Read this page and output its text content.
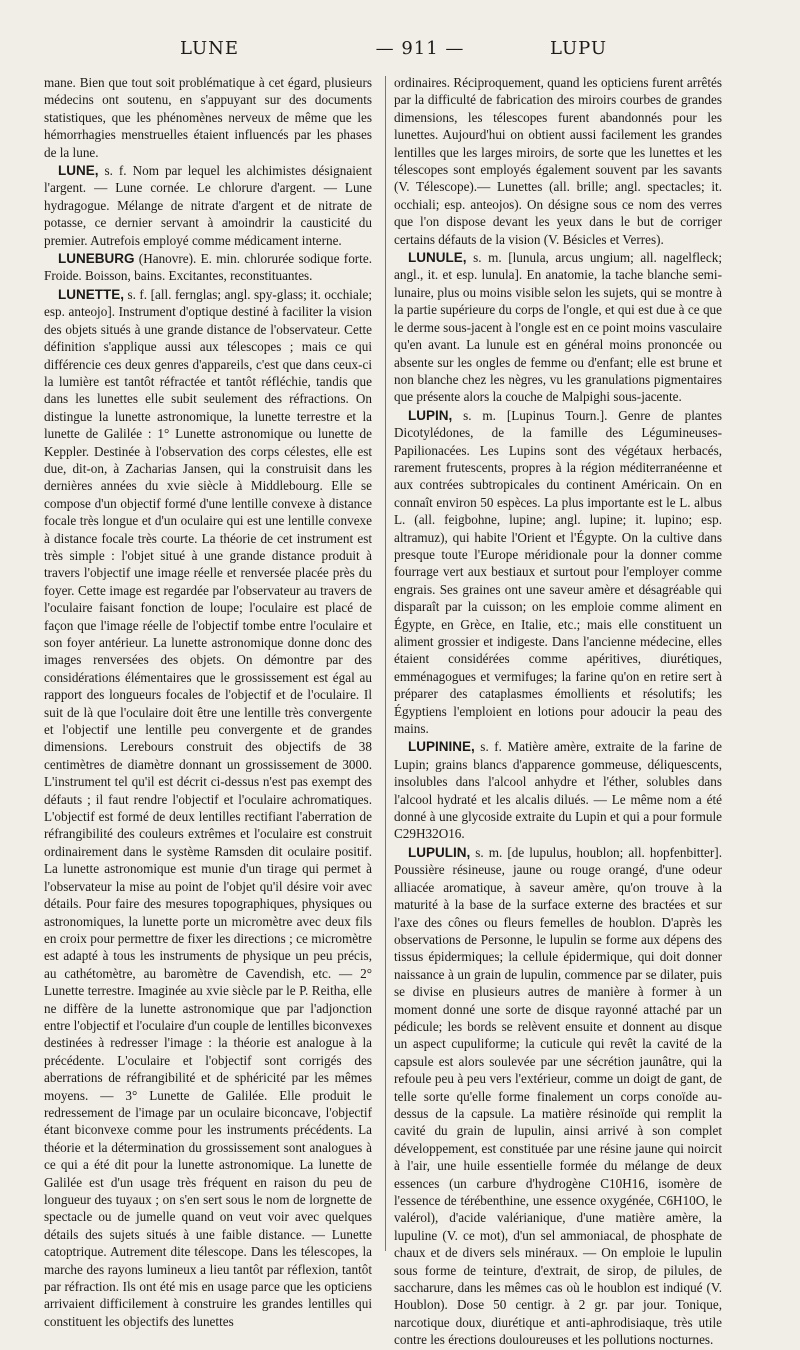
LUNE	— 911 —	LUPU

mane. Bien que tout soit problématique à cet égard, plusieurs médecins ont soutenu, en s'appuyant sur des documents statistiques, que les phénomènes nerveux de même que les hémorrhagies menstruelles étaient influencés par les phases de la lune.

LUNE, s. f. Nom par lequel les alchimistes désignaient l'argent. — Lune cornée. Le chlorure d'argent. — Lune hydragogue. Mélange de nitrate d'argent et de nitrate de potasse, ce dernier servant à amoindrir la causticité du premier. Autrefois employé comme médicament interne.

LUNEBURG (Hanovre). E. min. chlorurée sodique forte. Froide. Boisson, bains. Excitantes, reconstituantes.

LUNETTE, s. f. [all. fernglas; angl. spy-glass; it. occhiale; esp. anteojo]. Instrument d'optique destiné à faciliter la vision des objets situés à une grande distance de l'observateur. Cette définition s'applique aussi aux télescopes ; mais ce qui différencie ces deux genres d'appareils, c'est que dans ceux-ci la lumière est tantôt réfractée et tantôt réfléchie, tandis que dans les lunettes elle subit seulement des réfractions. On distingue la lunette astronomique, la lunette terrestre et la lunette de Galilée : 1° Lunette astronomique ou lunette de Keppler. Destinée à l'observation des corps célestes, elle est due, dit-on, à Zacharias Jansen, qui la construisit dans les dernières années du xvie siècle à Middlebourg. Elle se compose d'un objectif formé d'une lentille convexe à distance focale très longue et d'un oculaire qui est une lentille convexe à distance focale très courte. La théorie de cet instrument est très simple : l'objet situé à une grande distance produit à travers l'objectif une image réelle et renversée placée près du foyer. Cette image est regardée par l'observateur au travers de l'oculaire faisant fonction de loupe; l'oculaire est placé de façon que l'image réelle de l'objectif tombe entre l'oculaire et son foyer antérieur. La lunette astronomique donne donc des images renversées des objets. On démontre par des considérations élémentaires que le grossissement est égal au rapport des longueurs focales de l'objectif et de l'oculaire. Il suit de là que l'oculaire doit être une lentille très convergente et l'objectif une lentille peu convergente et de grandes dimensions. Lerebours construit des objectifs de 38 centimètres de diamètre donnant un grossissement de 3000. L'instrument tel qu'il est décrit ci-dessus n'est pas exempt des défauts ; il faut rendre l'objectif et l'oculaire achromatiques. L'objectif est formé de deux lentilles rectifiant l'aberration de réfrangibilité des couleurs extrêmes et l'oculaire est construit ordinairement dans le système Ramsden dit oculaire positif. La lunette astronomique est munie d'un tirage qui permet à l'observateur la mise au point de l'objet qu'il désire voir avec détails. Pour faire des mesures topographiques, physiques ou astronomiques, la lunette porte un micromètre avec deux fils en croix pour permettre de fixer les directions ; ce micromètre est adapté à tous les instruments de physique un peu précis, au cathétomètre, au baromètre de Cavendish, etc. — 2° Lunette terrestre. Imaginée au xvie siècle par le P. Reitha, elle ne diffère de la lunette astronomique que par l'adjonction entre l'objectif et l'oculaire d'un couple de lentilles biconvexes destinées à redresser l'image : la théorie est analogue à la précédente. L'oculaire et l'objectif sont corrigés des aberrations de réfrangibilité et de sphéricité par les mêmes moyens. — 3° Lunette de Galilée. Elle produit le redressement de l'image par un oculaire biconcave, l'objectif étant biconvexe comme pour les instruments précédents. La théorie et la détermination du grossissement sont analogues à ce qui a été dit pour la lunette astronomique. La lunette de Galilée est d'un usage très fréquent en raison du peu de longueur des tuyaux ; on s'en sert sous le nom de lorgnette de spectacle ou de jumelle quand on veut voir avec quelques détails des sujets situés à une faible distance. — Lunette catoptrique. Autrement dite télescope. Dans les télescopes, la marche des rayons lumineux a lieu tantôt par réflexion, tantôt par réfraction. Ils ont été mis en usage parce que les opticiens arrivaient difficilement à construire les grandes lentilles qui constituent les objectifs des lunettes

ordinaires. Réciproquement, quand les opticiens furent arrêtés par la difficulté de fabrication des miroirs courbes de grandes dimensions, les télescopes furent abandonnés pour les lunettes. Aujourd'hui on obtient aussi facilement les grandes lentilles que les larges miroirs, de sorte que les lunettes et les télescopes sont employés également souvent par les savants (V. Télescope).— Lunettes (all. brille; angl. spectacles; it. occhiali; esp. anteojos). On désigne sous ce nom des verres que l'on dispose devant les yeux dans le but de corriger certains défauts de la vision (V. Bésicles et Verres).

LUNULE, s. m. [lunula, arcus ungium; all. nagelfleck; angl., it. et esp. lunula]. En anatomie, la tache blanche semi-lunaire, plus ou moins visible selon les sujets, qui se montre à la partie supérieure du corps de l'ongle, et qui est due à ce que le derme sous-jacent à l'ongle est en ce point moins vasculaire qu'en avant. La lunule est en général moins prononcée ou absente sur les ongles de femme ou d'enfant; elle est brune et non blanche chez les nègres, vu les granulations pigmentaires que présente alors la couche de Malpighi sous-jacente.

LUPIN, s. m. [Lupinus Tourn.]. Genre de plantes Dicotylédones, de la famille des Légumineuses-Papilionacées. Les Lupins sont des végétaux herbacés, rarement frutescents, propres à la région méditerranéenne et aux contrées subtropicales du continent Américain. On en connaît environ 50 espèces. La plus importante est le L. albus L. (all. feigbohne, lupine; angl. lupine; it. lupino; esp. altramuz), qui habite l'Orient et l'Égypte. On la cultive dans presque toute l'Europe méridionale pour la donner comme fourrage vert aux bestiaux et surtout pour l'employer comme engrais. Ses graines ont une saveur amère et désagréable qui disparaît par la cuisson; on les emploie comme aliment en Égypte, en Grèce, en Italie, etc.; mais elle constituent un aliment grossier et indigeste. Dans l'ancienne médecine, elles étaient considérées comme apéritives, diurétiques, emménagogues et vermifuges; la farine qu'on en retire sert à préparer des cataplasmes émollients et résolutifs; les Égyptiens l'emploient en lotions pour adoucir la peau des mains.

LUPININE, s. f. Matière amère, extraite de la farine de Lupin; grains blancs d'apparence gommeuse, déliquescents, insolubles dans l'alcool anhydre et l'éther, solubles dans l'alcool hydraté et les alcalis dilués. — Le même nom a été donné à une glycoside extraite du Lupin et qui a pour formule C29H32O16.

LUPULIN, s. m. [de lupulus, houblon; all. hopfenbitter]. Poussière résineuse, jaune ou rouge orangé, d'une odeur alliacée aromatique, à saveur amère, qu'on trouve à la maturité à la base de la surface externe des bractées et sur l'axe des cônes ou fleurs femelles de houblon. D'après les observations de Personne, le lupulin se forme aux dépens des tissus épidermiques; la cellule épidermique, qui doit donner naissance à un grain de lupulin, commence par se dilater, puis se divise en plusieurs autres de manière à former à un moment donné une sorte de disque rayonné attaché par un pédicule; les bords se relèvent ensuite et donnent au disque un aspect cupuliforme; la cuticule qui revêt la cavité de la capsule est alors soulevée par une sécrétion jaunâtre, qui la refoule peu à peu vers l'extérieur, comme un doigt de gant, de telle sorte qu'elle forme finalement un corps conoïde au-dessus de la capsule. La matière résinoïde qui remplit la cavité du grain de lupulin, ainsi arrivé à son complet développement, est constituée par une résine jaune qui noircit à l'air, une huile essentielle formée du mélange de deux essences (un carbure d'hydrogène C10H16, isomère de l'essence de térébenthine, une essence oxygénée, C6H10O, le valérol), d'acide valérianique, d'une matière amère, la lupuline (V. ce mot), d'un sel ammoniacal, de phosphate de chaux et de divers sels minéraux. — On emploie le lupulin sous forme de teinture, d'extrait, de sirop, de pilules, de saccharure, dans les mêmes cas où le houblon est indiqué (V. Houblon). Dose 50 centigr. à 2 gr. par jour. Tonique, narcotique doux, diurétique et anti-aphrodisiaque, très utile contre les érections douloureuses et les pollutions nocturnes.
